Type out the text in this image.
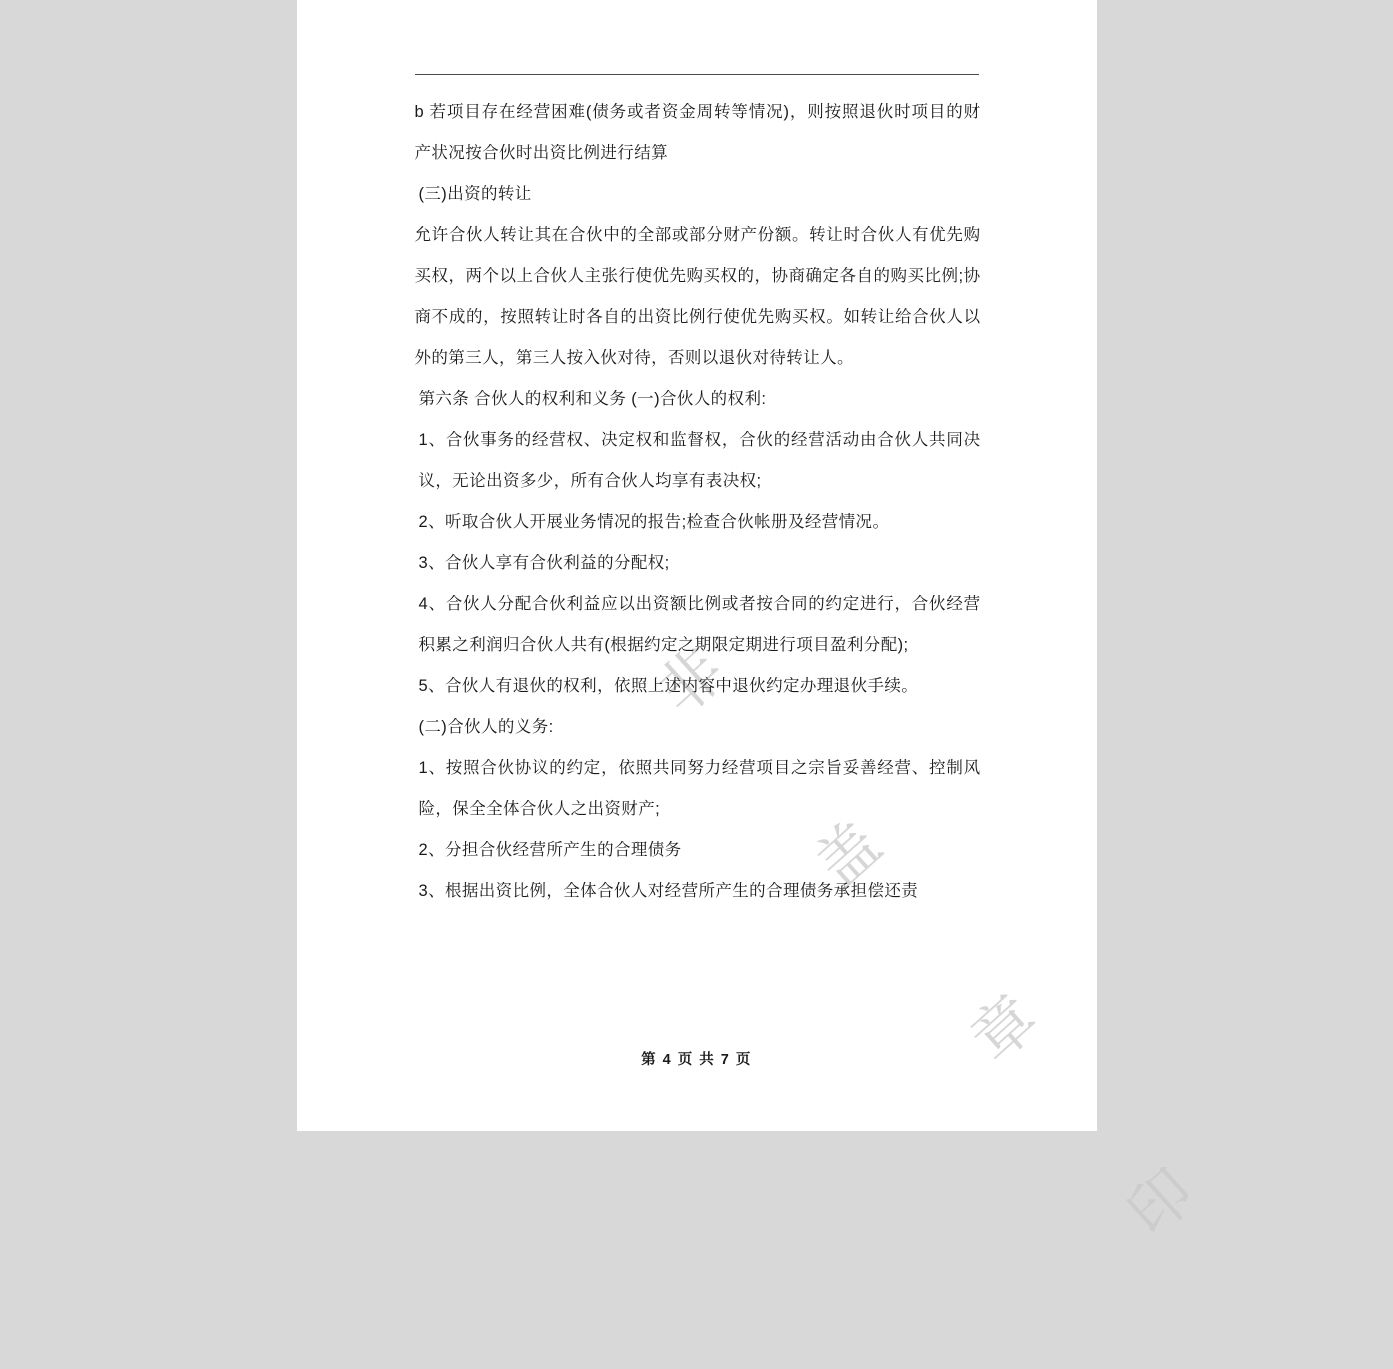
非

盖

章

印

b 若项目存在经营困难(债务或者资金周转等情况)，则按照退伙时项目的财产状况按合伙时出资比例进行结算

(三)出资的转让

允许合伙人转让其在合伙中的全部或部分财产份额。转让时合伙人有优先购买权，两个以上合伙人主张行使优先购买权的，协商确定各自的购买比例;协商不成的，按照转让时各自的出资比例行使优先购买权。如转让给合伙人以外的第三人，第三人按入伙对待，否则以退伙对待转让人。

第六条 合伙人的权利和义务 (一)合伙人的权利:

1、合伙事务的经营权、决定权和监督权，合伙的经营活动由合伙人共同决议，无论出资多少，所有合伙人均享有表决权;

2、听取合伙人开展业务情况的报告;检查合伙帐册及经营情况。

3、合伙人享有合伙利益的分配权;

4、合伙人分配合伙利益应以出资额比例或者按合同的约定进行，合伙经营积累之利润归合伙人共有(根据约定之期限定期进行项目盈利分配);

5、合伙人有退伙的权利，依照上述内容中退伙约定办理退伙手续。

(二)合伙人的义务:

1、按照合伙协议的约定，依照共同努力经营项目之宗旨妥善经营、控制风险，保全全体合伙人之出资财产;

2、分担合伙经营所产生的合理债务

3、根据出资比例，全体合伙人对经营所产生的合理债务承担偿还责

第 4 页 共 7 页
